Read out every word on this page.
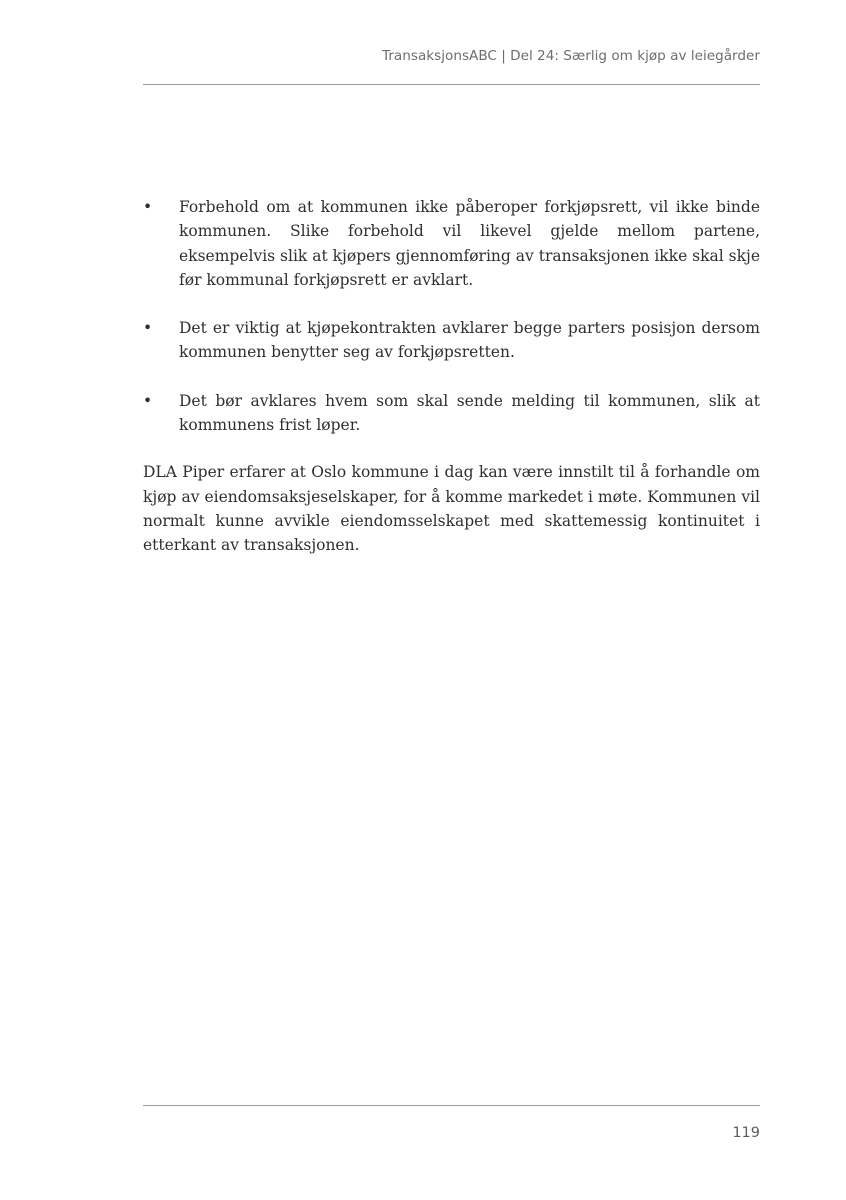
TransaksjonsABC | Del 24: Særlig om kjøp av leiegårder
• Forbehold om at kommunen ikke påberoper forkjøpsrett, vil ikke binde kommunen. Slike forbehold vil likevel gjelde mellom partene, eksempelvis slik at kjøpers gjennomføring av transaksjonen ikke skal skje før kommunal forkjøpsrett er avklart.
• Det er viktig at kjøpekontrakten avklarer begge parters posisjon dersom kommunen benytter seg av forkjøpsretten.
• Det bør avklares hvem som skal sende melding til kommunen, slik at kommunens frist løper.

DLA Piper erfarer at Oslo kommune i dag kan være innstilt til å forhandle om kjøp av eiendomsaksjeselskaper, for å komme markedet i møte. Kommunen vil normalt kunne avvikle eiendomsselskapet med skattemessig kontinuitet i etterkant av transaksjonen.

119
